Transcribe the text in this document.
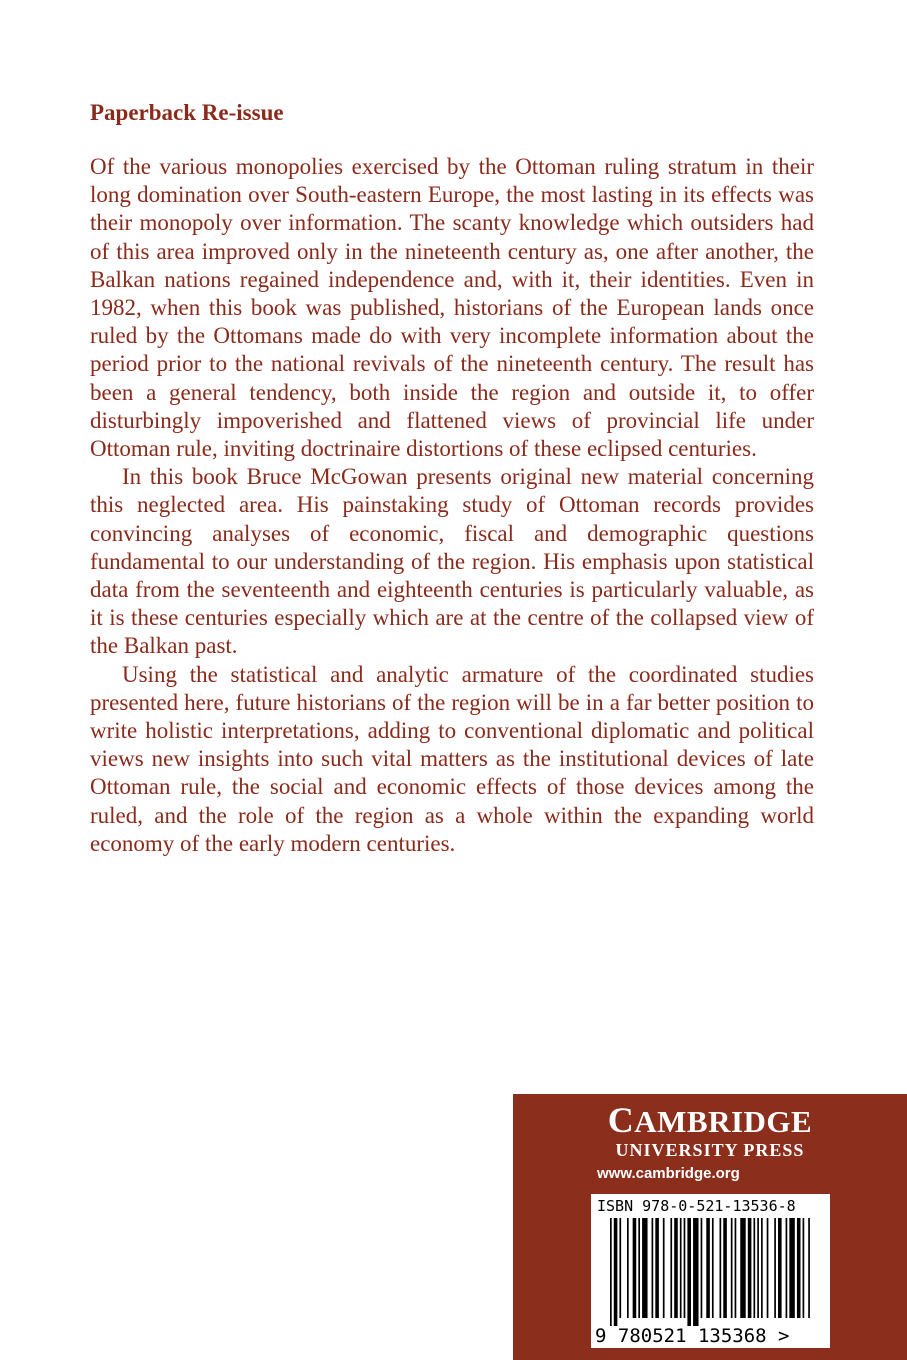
Paperback Re-issue

Of the various monopolies exercised by the Ottoman ruling stratum in their long domination over South-eastern Europe, the most lasting in its effects was their monopoly over information. The scanty knowledge which outsiders had of this area improved only in the nineteenth century as, one after another, the Balkan nations regained independence and, with it, their identities. Even in 1982, when this book was published, historians of the European lands once ruled by the Ottomans made do with very incomplete information about the period prior to the national revivals of the nineteenth century. The result has been a general tendency, both inside the region and outside it, to offer disturbingly impoverished and flattened views of provincial life under Ottoman rule, inviting doctrinaire distortions of these eclipsed centuries.

In this book Bruce McGowan presents original new material concerning this neglected area. His painstaking study of Ottoman records provides convincing analyses of economic, fiscal and demographic questions fundamental to our understanding of the region. His emphasis upon statistical data from the seventeenth and eighteenth centuries is particularly valuable, as it is these centuries especially which are at the centre of the collapsed view of the Balkan past.

Using the statistical and analytic armature of the coordinated studies presented here, future historians of the region will be in a far better position to write holistic interpretations, adding to conventional diplomatic and political views new insights into such vital matters as the institutional devices of late Ottoman rule, the social and economic effects of those devices among the ruled, and the role of the region as a whole within the expanding world economy of the early modern centuries.

CAMBRIDGE
UNIVERSITY PRESS
www.cambridge.org
ISBN 978-0-521-13536-8
9 780521 135368 >
